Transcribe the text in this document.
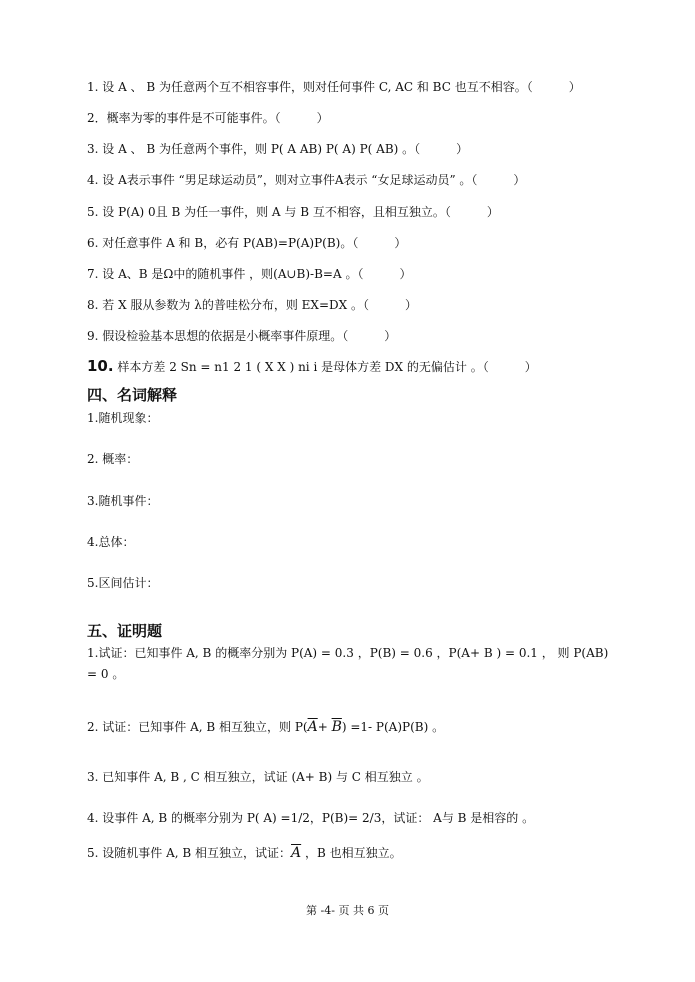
1. 设 A 、 B 为任意两个互不相容事件，则对任何事件 C, AC 和 BC 也互不相容。（　　　）
2．概率为零的事件是不可能事件。（　　　）
3. 设 A 、 B 为任意两个事件，则 P( A AB) P( A) P( AB) 。（　　　）
4. 设 A表示事件 “男足球运动员”，则对立事件A表示 “女足球运动员” 。（　　　）
5. 设 P(A) 0且 B 为任一事件，则 A 与 B 互不相容，且相互独立。（　　　）
6. 对任意事件 A 和 B，必有 P(AB)=P(A)P(B)。（　　　）
7. 设 A、B 是Ω中的随机事件 ，则(A∪B)-B=A 。（　　　）
8. 若 X 服从参数为 λ的普哇松分布，则 EX=DX 。（　　　）
9. 假设检验基本思想的依据是小概率事件原理。（　　　）
10. 样本方差 2 Sn = n1 2 1 ( X X ) ni i 是母体方差 DX 的无偏估计 。（　　　）
四、名词解释
1.随机现象：
2. 概率：
3.随机事件：
4.总体：
5.区间估计：
五、证明题
1.试证：已知事件 A, B 的概率分别为 P(A) = 0.3 ，P(B) = 0.6 ，P(A+ B ) = 0.1 ， 则 P(AB)
= 0 。
2. 试证：已知事件 A, B 相互独立，则 $P(\overline{A}+ \overline{B}) =1-$ P(A)P(B) 。
3. 已知事件 A, B , C 相互独立，试证 (A+ B) 与 C 相互独立 。
4. 设事件 A, B 的概率分别为 P( A) =1/2，P(B)= 2/3，试证： A与 B 是相容的 。
5. 设随机事件 A, B 相互独立，试证：$\overline{A}$ ，B 也相互独立。
第 -4- 页 共 6 页
